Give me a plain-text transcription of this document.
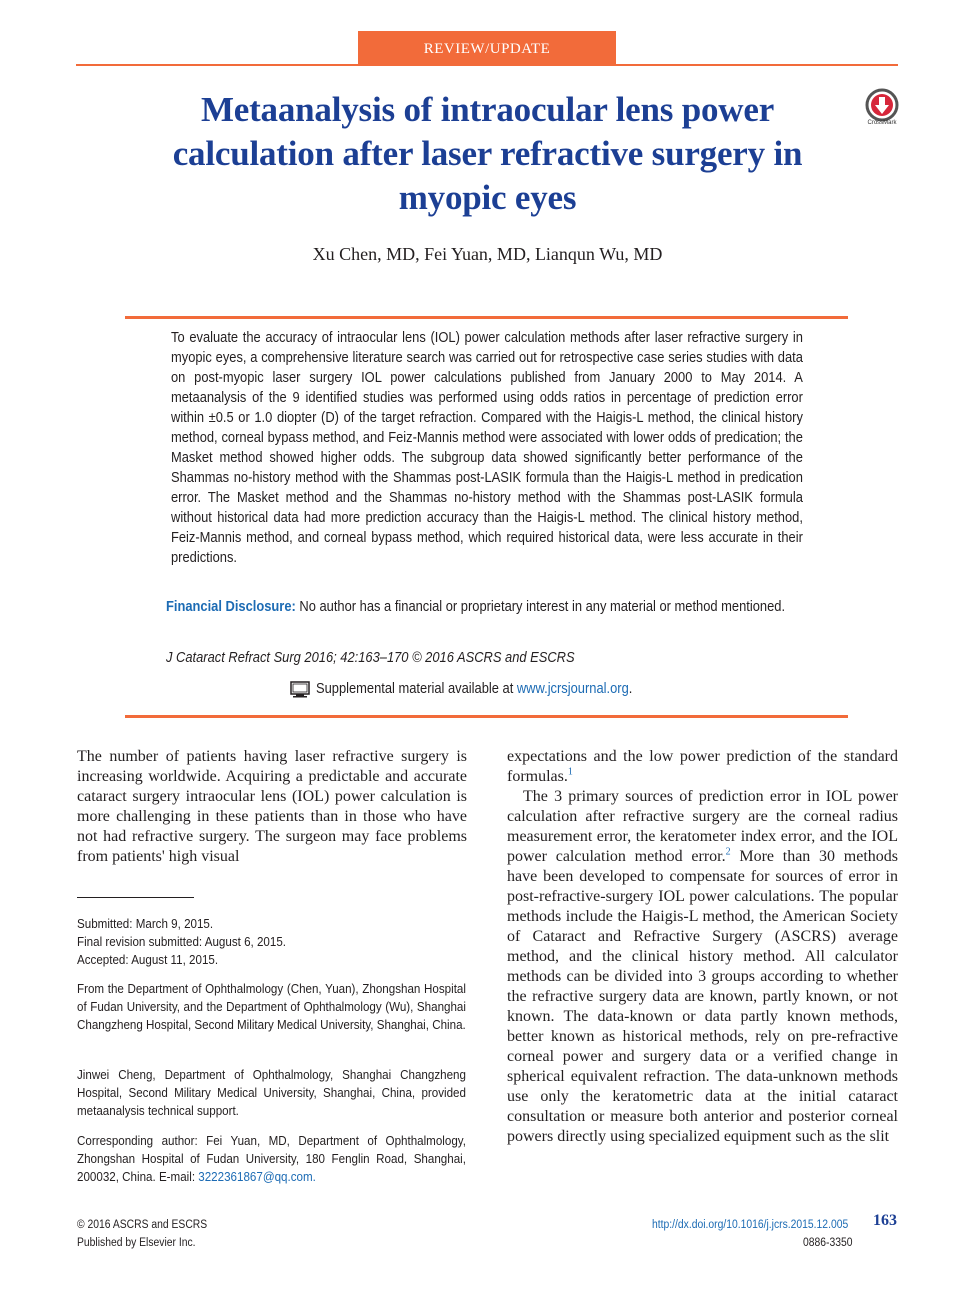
REVIEW/UPDATE
Metaanalysis of intraocular lens power calculation after laser refractive surgery in myopic eyes
CrossMark
Xu Chen, MD, Fei Yuan, MD, Lianqun Wu, MD

To evaluate the accuracy of intraocular lens (IOL) power calculation methods after laser refractive surgery in myopic eyes, a comprehensive literature search was carried out for retrospective case series studies with data on post-myopic laser surgery IOL power calculations published from January 2000 to May 2014. A metaanalysis of the 9 identified studies was performed using odds ratios in percentage of prediction error within ±0.5 or 1.0 diopter (D) of the target refraction. Compared with the Haigis-L method, the clinical history method, corneal bypass method, and Feiz-Mannis method were associated with lower odds of predication; the Masket method showed higher odds. The subgroup data showed significantly better performance of the Shammas no-history method with the Shammas post-LASIK formula than the Haigis-L method in predication error. The Masket method and the Shammas no-history method with the Shammas post-LASIK formula without historical data had more prediction accuracy than the Haigis-L method. The clinical history method, Feiz-Mannis method, and corneal bypass method, which required historical data, were less accurate in their predictions.

Financial Disclosure: No author has a financial or proprietary interest in any material or method mentioned.

J Cataract Refract Surg 2016; 42:163–170 © 2016 ASCRS and ESCRS
Supplemental material available at www.jcrsjournal.org.

The number of patients having laser refractive surgery is increasing worldwide. Acquiring a predictable and accurate cataract surgery intraocular lens (IOL) power calculation is more challenging in these patients than in those who have not had refractive surgery. The surgeon may face problems from patients' high visual

expectations and the low power prediction of the standard formulas.$^1$

The 3 primary sources of prediction error in IOL power calculation after refractive surgery are the corneal radius measurement error, the keratometer index error, and the IOL power calculation method error.$^2$ More than 30 methods have been developed to compensate for sources of error in post-refractive-surgery IOL power calculations. The popular methods include the Haigis-L method, the American Society of Cataract and Refractive Surgery (ASCRS) average method, and the clinical history method. All calculator methods can be divided into 3 groups according to whether the refractive surgery data are known, partly known, or not known. The data-known or data partly known methods, better known as historical methods, rely on pre-refractive corneal power and surgery data or a verified change in spherical equivalent refraction. The data-unknown methods use only the keratometric data at the initial cataract consultation or measure both anterior and posterior corneal powers directly using specialized equipment such as the slit

Submitted: March 9, 2015.
Final revision submitted: August 6, 2015.
Accepted: August 11, 2015.

From the Department of Ophthalmology (Chen, Yuan), Zhongshan Hospital of Fudan University, and the Department of Ophthalmology (Wu), Shanghai Changzheng Hospital, Second Military Medical University, Shanghai, China.

Jinwei Cheng, Department of Ophthalmology, Shanghai Changzheng Hospital, Second Military Medical University, Shanghai, China, provided metaanalysis technical support.

Corresponding author: Fei Yuan, MD, Department of Ophthalmology, Zhongshan Hospital of Fudan University, 180 Fenglin Road, Shanghai, 200032, China. E-mail: 3222361867@qq.com.

© 2016 ASCRS and ESCRS
Published by Elsevier Inc.
http://dx.doi.org/10.1016/j.jcrs.2015.12.005
0886-3350
163
